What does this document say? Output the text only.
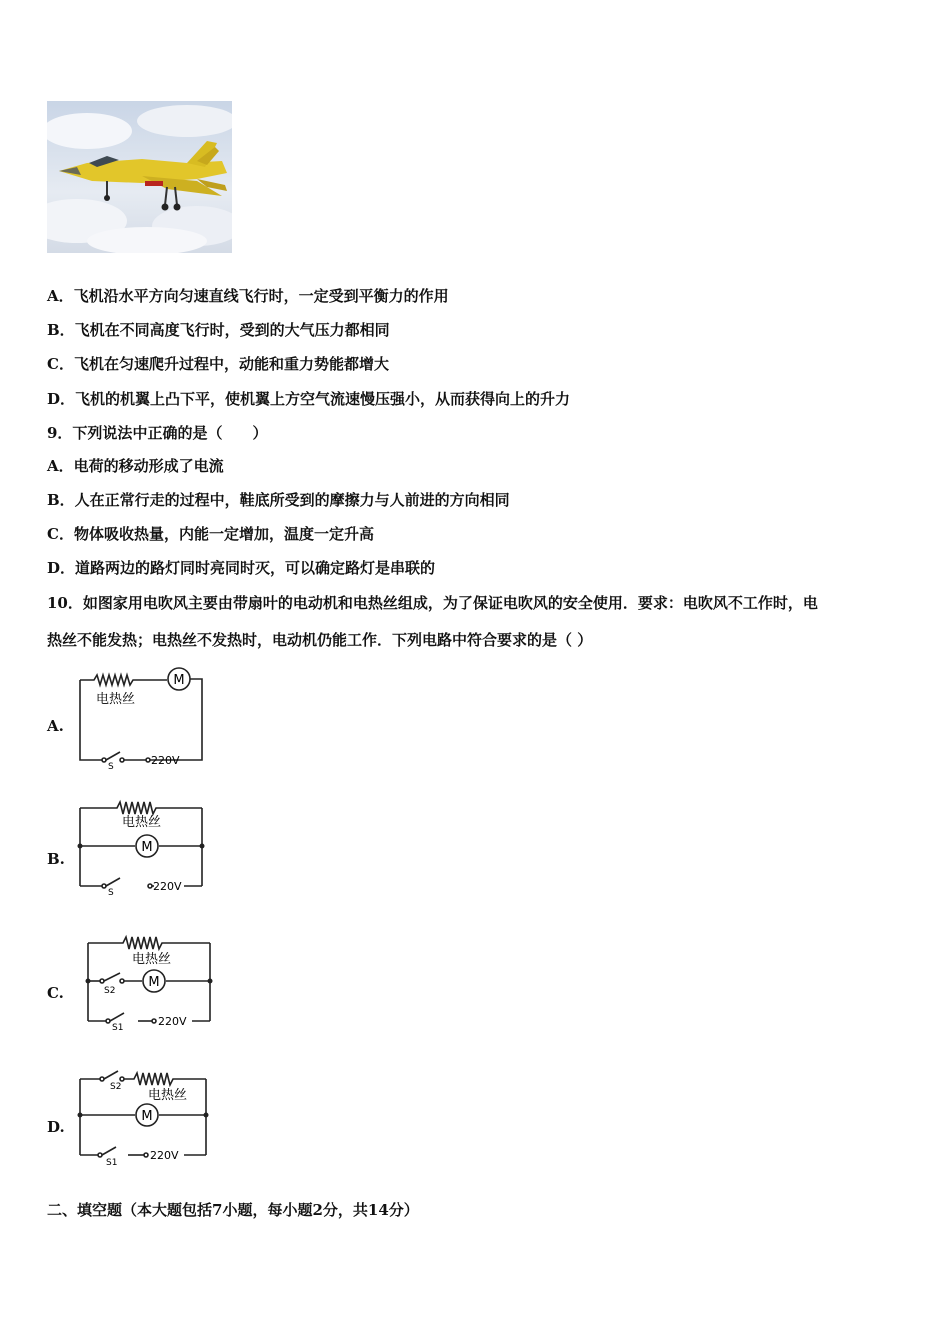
A．飞机沿水平方向匀速直线飞行时，一定受到平衡力的作用
B．飞机在不同高度飞行时，受到的大气压力都相同
C．飞机在匀速爬升过程中，动能和重力势能都增大
D．飞机的机翼上凸下平，使机翼上方空气流速慢压强小，从而获得向上的升力
9．下列说法中正确的是（　　）
A．电荷的移动形成了电流
B．人在正常行走的过程中，鞋底所受到的摩擦力与人前进的方向相同
C．物体吸收热量，内能一定增加，温度一定升高
D．道路两边的路灯同时亮同时灭，可以确定路灯是串联的
10．如图家用电吹风主要由带扇叶的电动机和电热丝组成，为了保证电吹风的安全使用．要求：电吹风不工作时，电
热丝不能发热；电热丝不发热时，电动机仍能工作．下列电路中符合要求的是（ ）
A.
M
电热丝
S	220V
B.
M
电热丝
S	220V
C.
M
电热丝
S2
S1	220V
D.
M
电热丝
S2
S1
220V
二、填空题（本大题包括7小题，每小题2分，共14分）
